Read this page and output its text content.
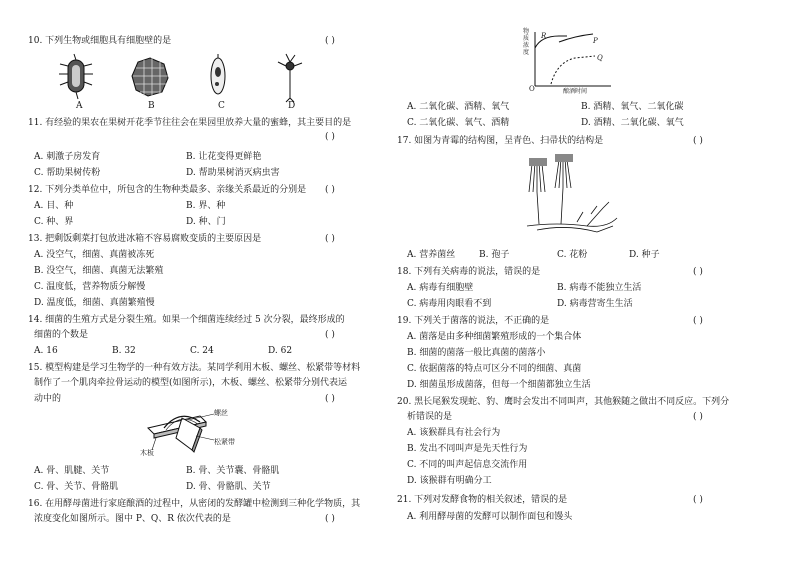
10. 下列生物或细胞具有细胞壁的是	( )
A	B	C	D
11. 有经验的果农在果树开花季节往往会在果园里放养大量的蜜蜂，其主要目的是
( )
A. 刺激子房发育	B. 让花变得更鲜艳
C. 帮助果树传粉	D. 帮助果树消灭病虫害
12. 下列分类单位中，所包含的生物种类最多、亲缘关系最近的分别是 ( )
A. 目、种	B. 界、种
C. 种、界	D. 种、门
13. 把剩饭剩菜打包放进冰箱不容易腐败变质的主要原因是	( )
A. 没空气，细菌、真菌被冻死
B. 没空气，细菌、真菌无法繁殖
C. 温度低，营养物质分解慢
D. 温度低，细菌、真菌繁殖慢
14. 细菌的生殖方式是分裂生殖。如果一个细菌连续经过 5 次分裂，最终形成的
细菌的个数是	( )
A. 16	B. 32	C. 24	D. 62
15. 模型构建是学习生物学的一种有效方法。某同学利用木板、螺丝、松紧带等材料
制作了一个肌肉牵拉骨运动的模型(如图所示)，木板、螺丝、松紧带分别代表运
动中的	( )
螺丝
木板
松紧带
A. 骨、肌腱、关节	B. 骨、关节囊、骨骼肌
C. 骨、关节、骨骼肌	D. 骨、骨骼肌、关节
16. 在用酵母菌进行家庭酿酒的过程中，从密闭的发酵罐中检测到三种化学物质，其
浓度变化如图所示。图中 P、Q、R 依次代表的是	( )
物质浓度
酿酒时间
O
P
Q
R
A. 二氧化碳、酒精、氧气	B. 酒精、氧气、二氧化碳
C. 二氧化碳、氧气、酒精	D. 酒精、二氧化碳、氧气
17. 如图为青霉的结构图，呈青色、扫帚状的结构是	( )
A. 营养菌丝	B. 孢子	C. 花粉	D. 种子
18. 下列有关病毒的说法，错误的是	( )
A. 病毒有细胞壁	B. 病毒不能独立生活
C. 病毒用肉眼看不到	D. 病毒营寄生生活
19. 下列关于菌落的说法，不正确的是	( )
A. 菌落是由多种细菌繁殖形成的一个集合体
B. 细菌的菌落一般比真菌的菌落小
C. 依据菌落的特点可区分不同的细菌、真菌
D. 细菌虽形成菌落，但每一个细菌都独立生活
20. 黑长尾猴发现蛇、豹、鹰时会发出不同叫声，其他猴随之做出不同反应。下列分
析错误的是	( )
A. 该猴群具有社会行为
B. 发出不同叫声是先天性行为
C. 不同的叫声起信息交流作用
D. 该猴群有明确分工
21. 下列对发酵食物的相关叙述，错误的是	( )
A. 利用酵母菌的发酵可以制作面包和馒头
